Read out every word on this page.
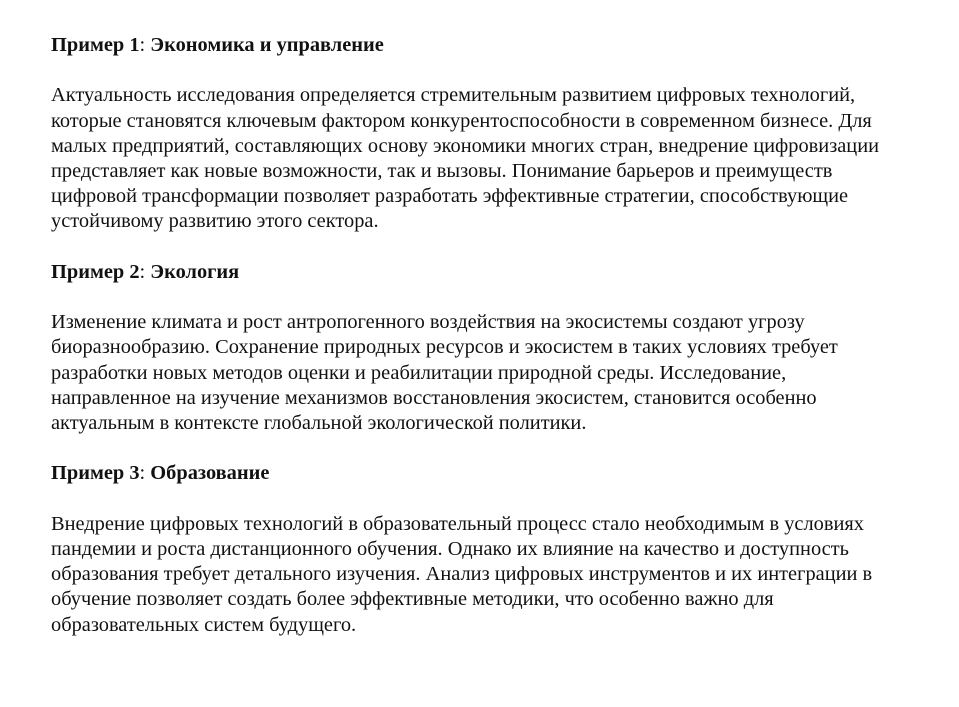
Пример 1: Экономика и управление

Актуальность исследования определяется стремительным развитием цифровых технологий, которые становятся ключевым фактором конкурентоспособности в современном бизнесе. Для малых предприятий, составляющих основу экономики многих стран, внедрение цифровизации представляет как новые возможности, так и вызовы. Понимание барьеров и преимуществ цифровой трансформации позволяет разработать эффективные стратегии, способствующие устойчивому развитию этого сектора.

Пример 2: Экология

Изменение климата и рост антропогенного воздействия на экосистемы создают угрозу биоразнообразию. Сохранение природных ресурсов и экосистем в таких условиях требует разработки новых методов оценки и реабилитации природной среды. Исследование, направленное на изучение механизмов восстановления экосистем, становится особенно актуальным в контексте глобальной экологической политики.

Пример 3: Образование

Внедрение цифровых технологий в образовательный процесс стало необходимым в условиях пандемии и роста дистанционного обучения. Однако их влияние на качество и доступность образования требует детального изучения. Анализ цифровых инструментов и их интеграции в обучение позволяет создать более эффективные методики, что особенно важно для образовательных систем будущего.
